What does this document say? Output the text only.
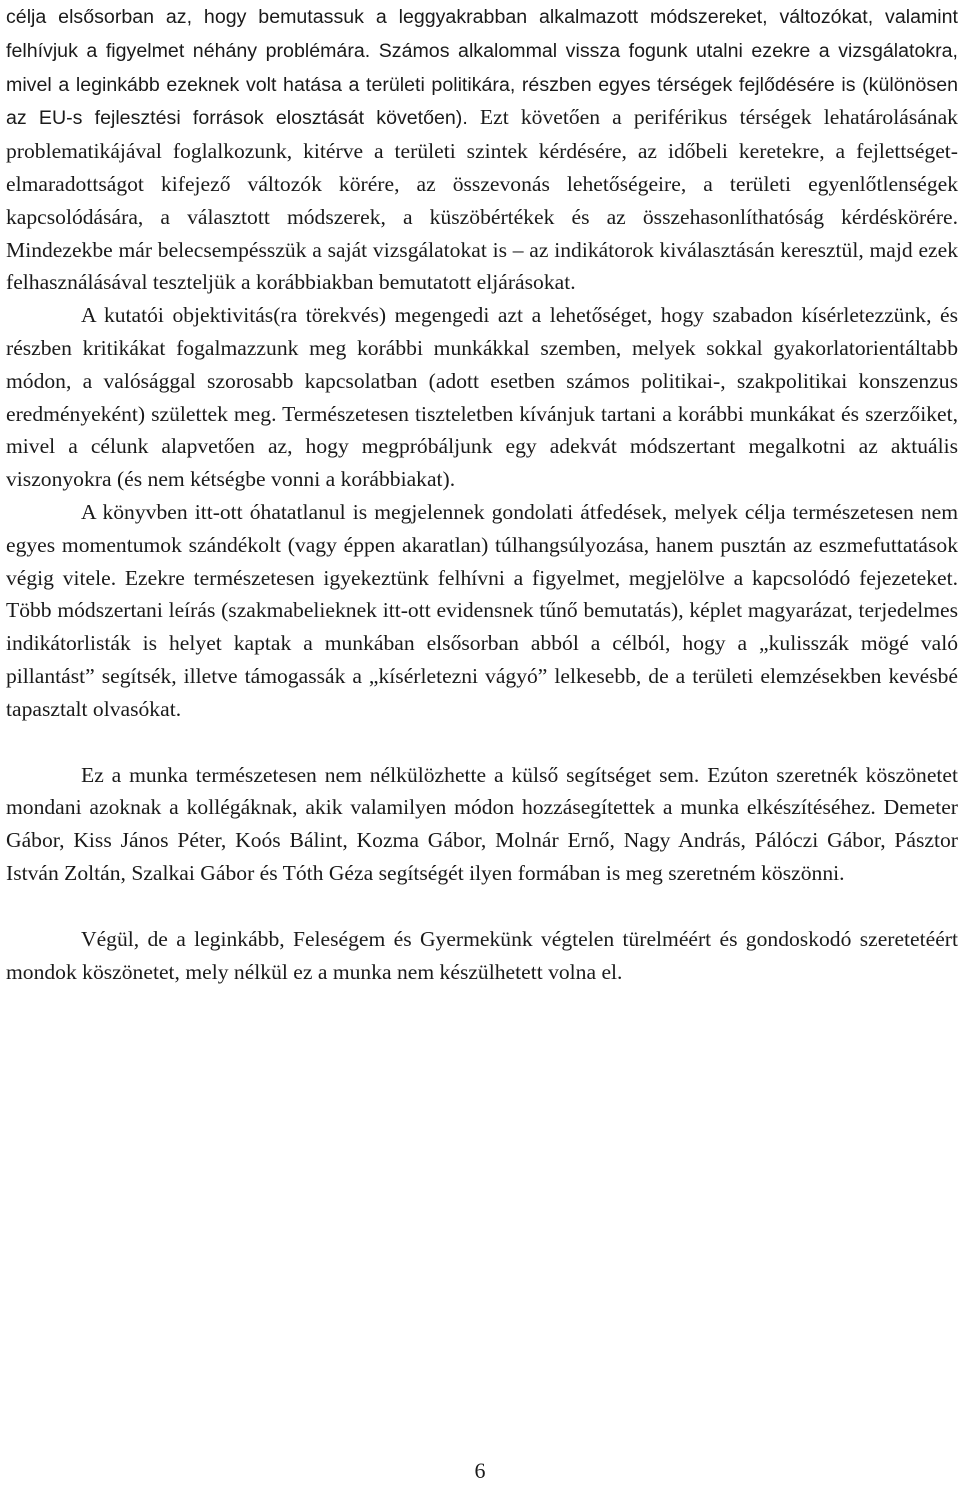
célja elsősorban az, hogy bemutassuk a leggyakrabban alkalmazott módszereket, változókat, valamint felhívjuk a figyelmet néhány problémára. Számos alkalommal vissza fogunk utalni ezekre a vizsgálatokra, mivel a leginkább ezeknek volt hatása a területi politikára, részben egyes térségek fejlődésére is (különösen az EU-s fejlesztési források elosztását követően). Ezt követően a periférikus térségek lehatárolásának problematikájával foglalkozunk, kitérve a területi szintek kérdésére, az időbeli keretekre, a fejlettséget-elmaradottságot kifejező változók körére, az összevonás lehetőségeire, a területi egyenlőtlenségek kapcsolódására, a választott módszerek, a küszöbértékek és az összehasonlíthatóság kérdéskörére. Mindezekbe már belecsempésszük a saját vizsgálatokat is – az indikátorok kiválasztásán keresztül, majd ezek felhasználásával teszteljük a korábbiakban bemutatott eljárásokat.

A kutatói objektivitás(ra törekvés) megengedi azt a lehetőséget, hogy szabadon kísérletezzünk, és részben kritikákat fogalmazzunk meg korábbi munkákkal szemben, melyek sokkal gyakorlatorientáltabb módon, a valósággal szorosabb kapcsolatban (adott esetben számos politikai-, szakpolitikai konszenzus eredményeként) születtek meg. Természetesen tiszteletben kívánjuk tartani a korábbi munkákat és szerzőiket, mivel a célunk alapvetően az, hogy megpróbáljunk egy adekvát módszertant megalkotni az aktuális viszonyokra (és nem kétségbe vonni a korábbiakat).

A könyvben itt-ott óhatatlanul is megjelennek gondolati átfedések, melyek célja természetesen nem egyes momentumok szándékolt (vagy éppen akaratlan) túlhangsúlyozása, hanem pusztán az eszmefuttatások végig vitele. Ezekre természetesen igyekeztünk felhívni a figyelmet, megjelölve a kapcsolódó fejezeteket. Több módszertani leírás (szakmabelieknek itt-ott evidensnek tűnő bemutatás), képlet magyarázat, terjedelmes indikátorlisták is helyet kaptak a munkában elsősorban abból a célból, hogy a „kulisszák mögé való pillantást” segítsék, illetve támogassák a „kísérletezni vágyó” lelkesebb, de a területi elemzésekben kevésbé tapasztalt olvasókat.

Ez a munka természetesen nem nélkülözhette a külső segítséget sem. Ezúton szeretnék köszönetet mondani azoknak a kollégáknak, akik valamilyen módon hozzásegítettek a munka elkészítéséhez. Demeter Gábor, Kiss János Péter, Koós Bálint, Kozma Gábor, Molnár Ernő, Nagy András, Pálóczi Gábor, Pásztor István Zoltán, Szalkai Gábor és Tóth Géza segítségét ilyen formában is meg szeretném köszönni.

Végül, de a leginkább, Feleségem és Gyermekünk végtelen türelméért és gondoskodó szeretetéért mondok köszönetet, mely nélkül ez a munka nem készülhetett volna el.

6
